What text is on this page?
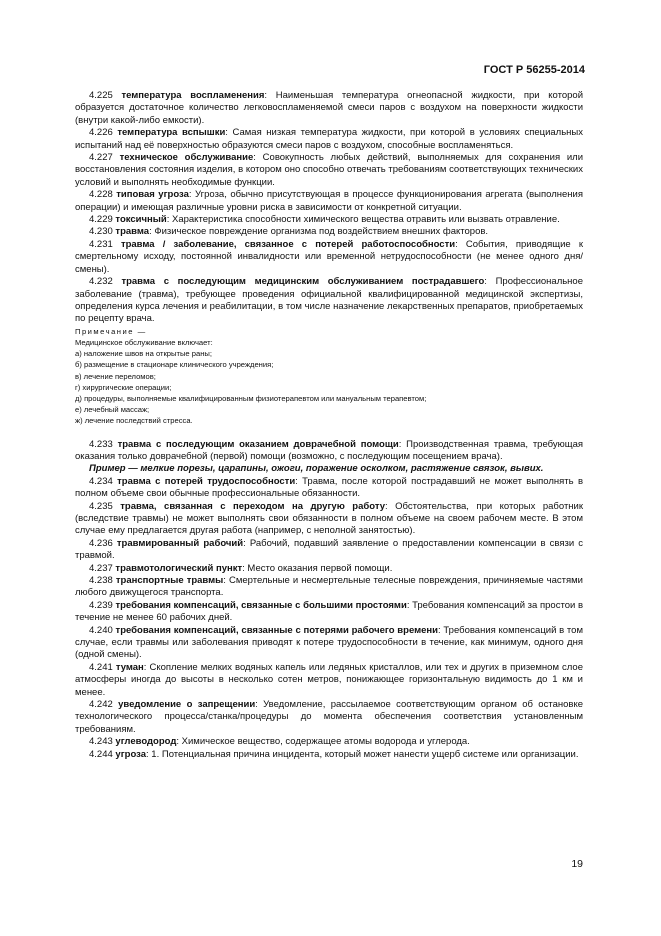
ГОСТ Р 56255-2014
4.225 температура воспламенения: Наименьшая температура огнеопасной жидкости, при которой образуется достаточное количество легковоспламеняемой смеси паров с воздухом на поверхности жидкости (внутри какой-либо емкости).
4.226 температура вспышки: Самая низкая температура жидкости, при которой в условиях специальных испытаний над её поверхностью образуются смеси паров с воздухом, способные воспламеняться.
4.227 техническое обслуживание: Совокупность любых действий, выполняемых для сохранения или восстановления состояния изделия, в котором оно способно отвечать требованиям соответствующих технических условий и выполнять необходимые функции.
4.228 типовая угроза: Угроза, обычно присутствующая в процессе функционирования агрегата (выполнения операции) и имеющая различные уровни риска в зависимости от конкретной ситуации.
4.229 токсичный: Характеристика способности химического вещества отравить или вызвать отравление.
4.230 травма: Физическое повреждение организма под воздействием внешних факторов.
4.231 травма / заболевание, связанное с потерей работоспособности: События, приводящие к смертельному исходу, постоянной инвалидности или временной нетрудоспособности (не менее одного дня/смены).
4.232 травма с последующим медицинским обслуживанием пострадавшего: Профессиональное заболевание (травма), требующее проведения официальной квалифицированной медицинской экспертизы, определения курса лечения и реабилитации, в том числе назначение лекарственных препаратов, приобретаемых по рецепту врача.
Примечание —
Медицинское обслуживание включает:
а) наложение швов на открытые раны;
б) размещение в стационаре клинического учреждения;
в) лечение переломов;
г) хирургические операции;
д) процедуры, выполняемые квалифицированным физиотерапевтом или мануальным терапевтом;
е) лечебный массаж;
ж) лечение последствий стресса.
4.233 травма с последующим оказанием доврачебной помощи: Производственная травма, требующая оказания только доврачебной (первой) помощи (возможно, с последующим посещением врача).
Пример — мелкие порезы, царапины, ожоги, поражение осколком, растяжение связок, вывих.
4.234 травма с потерей трудоспособности: Травма, после которой пострадавший не может выполнять в полном объеме свои обычные профессиональные обязанности.
4.235 травма, связанная с переходом на другую работу: Обстоятельства, при которых работник (вследствие травмы) не может выполнять свои обязанности в полном объеме на своем рабочем месте. В этом случае ему предлагается другая работа (например, с неполной занятостью).
4.236 травмированный рабочий: Рабочий, подавший заявление о предоставлении компенсации в связи с травмой.
4.237 травмотологический пункт: Место оказания первой помощи.
4.238 транспортные травмы: Смертельные и несмертельные телесные повреждения, причиняемые частями любого движущегося транспорта.
4.239 требования компенсаций, связанные с большими простоями: Требования компенсаций за простои в течение не менее 60 рабочих дней.
4.240 требования компенсаций, связанные с потерями рабочего времени: Требования компенсаций в том случае, если травмы или заболевания приводят к потере трудоспособности в течение, как минимум, одного дня (одной смены).
4.241 туман: Скопление мелких водяных капель или ледяных кристаллов, или тех и других в приземном слое атмосферы иногда до высоты в несколько сотен метров, понижающее горизонтальную видимость до 1 км и менее.
4.242 уведомление о запрещении: Уведомление, рассылаемое соответствующим органом об остановке технологического процесса/станка/процедуры до момента обеспечения соответствия установленным требованиям.
4.243 углеводород: Химическое вещество, содержащее атомы водорода и углерода.
4.244 угроза: 1. Потенциальная причина инцидента, который может нанести ущерб системе или организации.
19
